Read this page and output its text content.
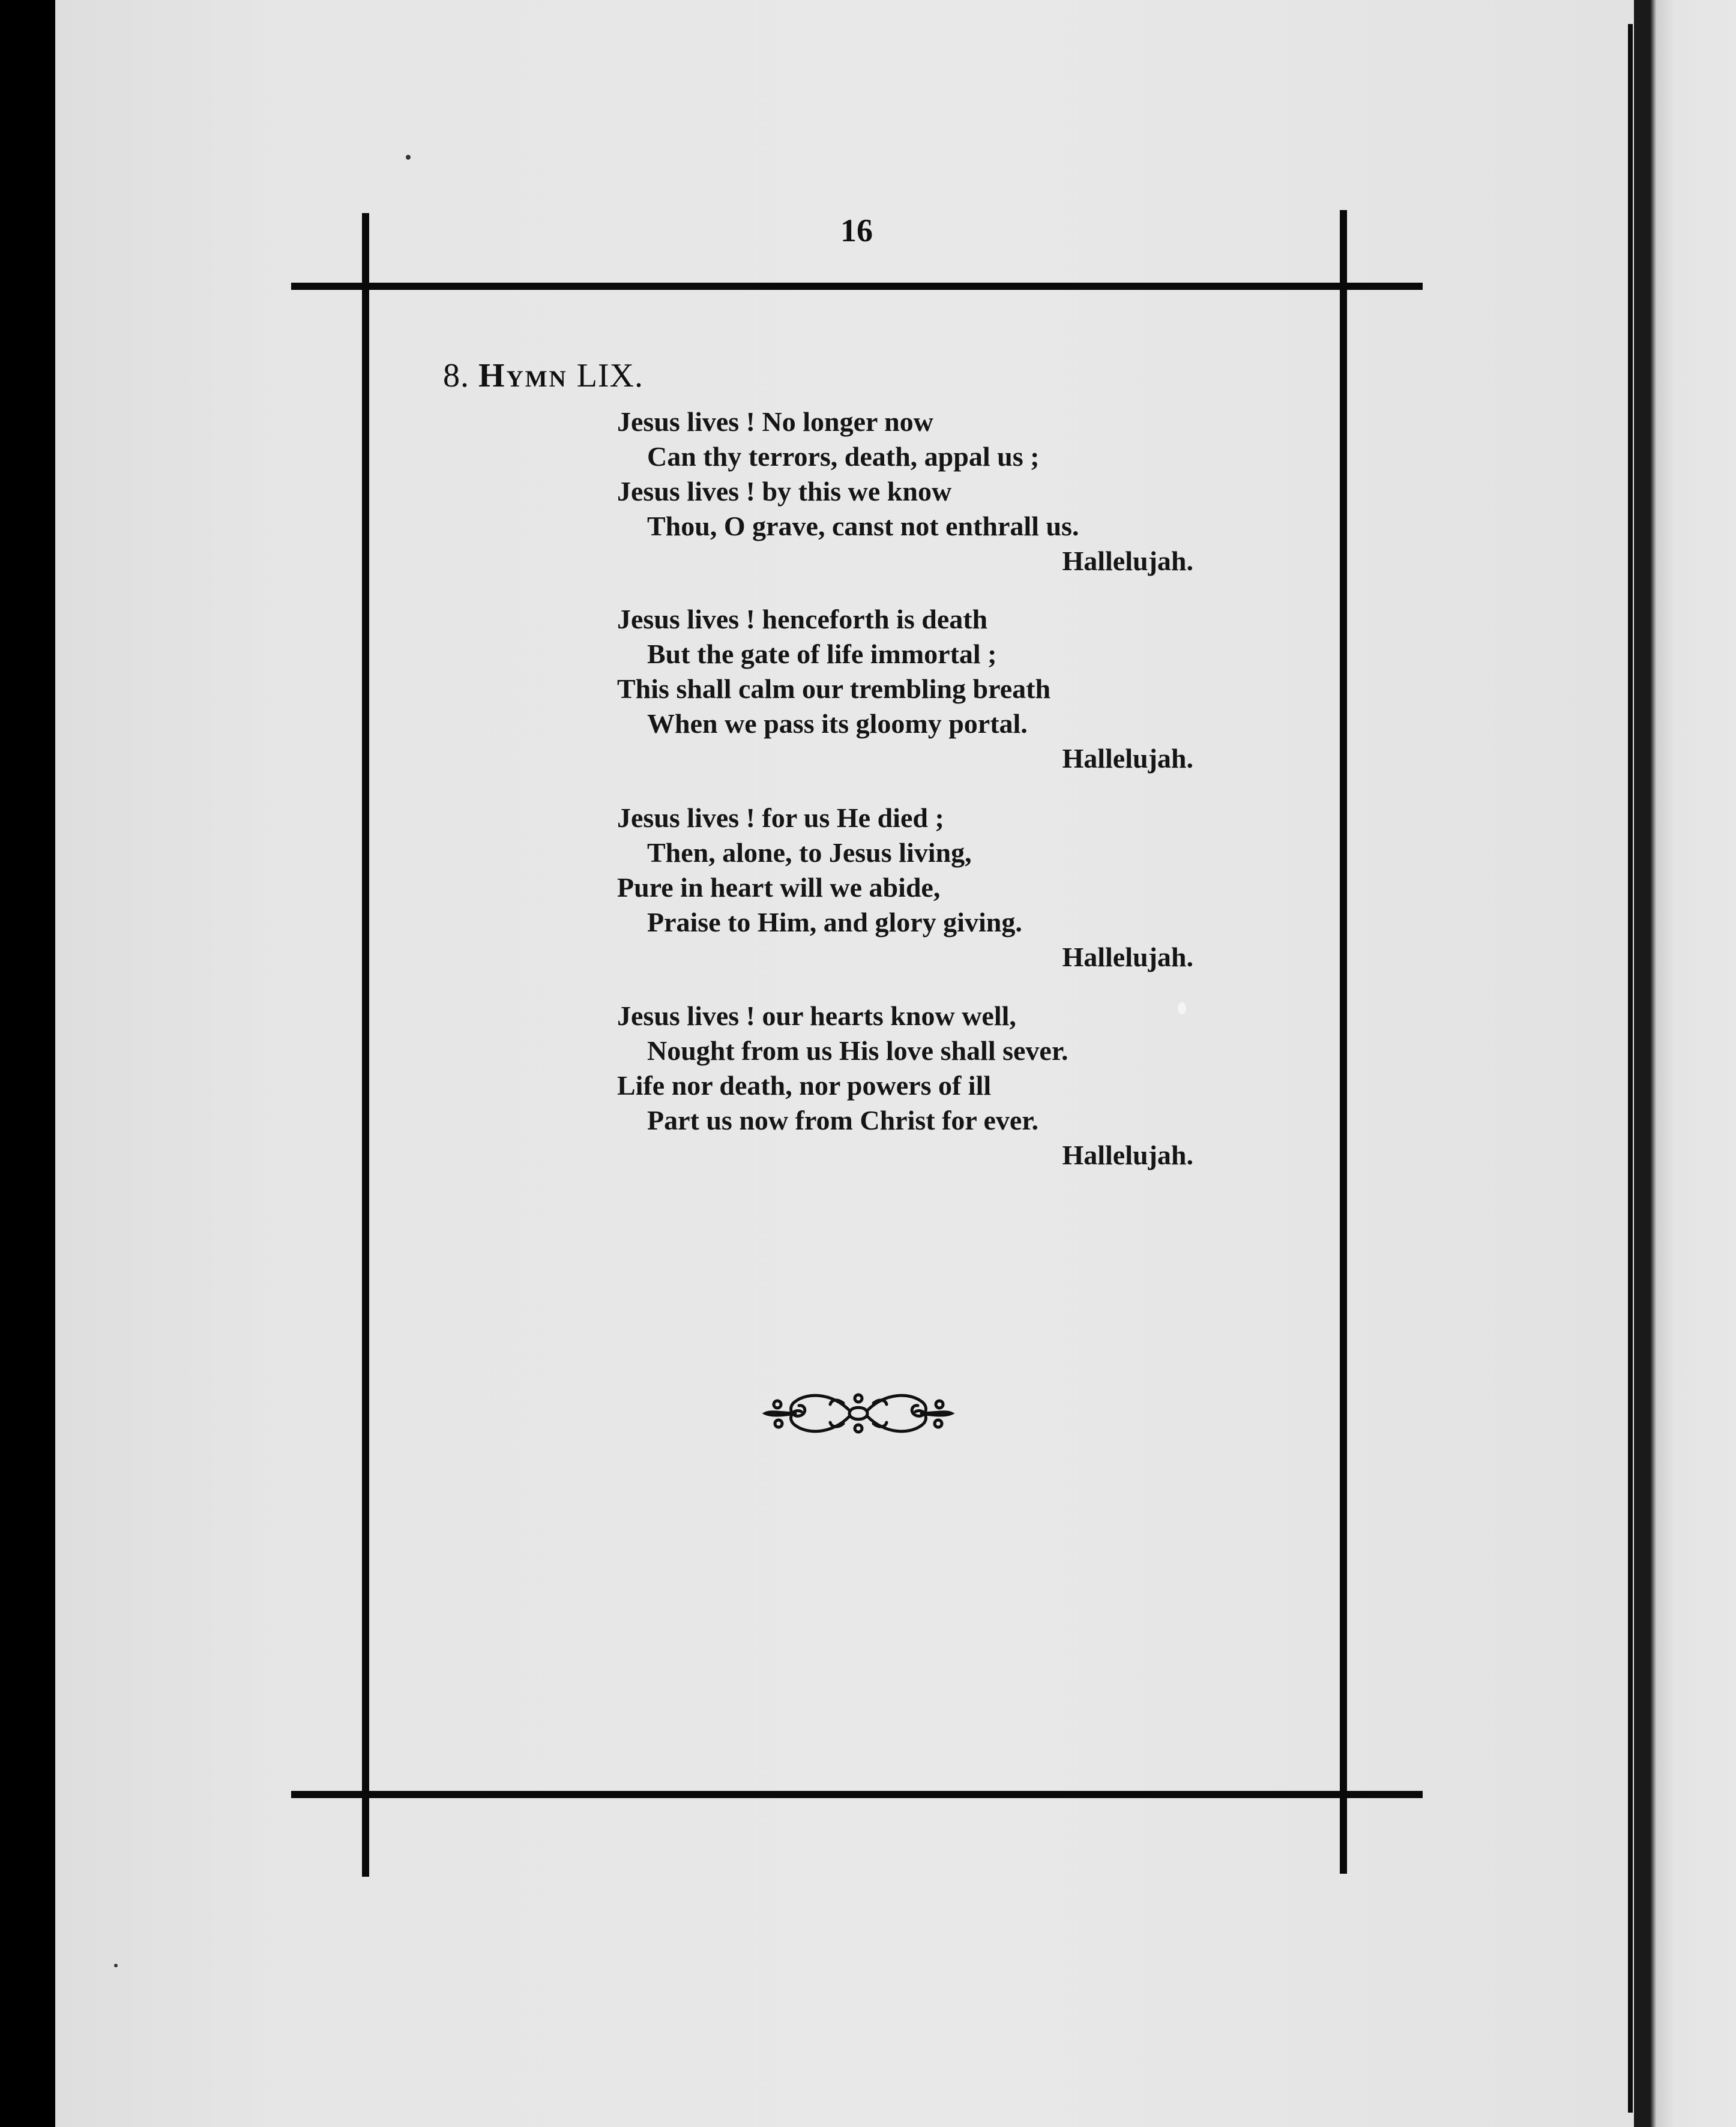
16

8. Hymn LIX.

Jesus lives ! No longer now
Can thy terrors, death, appal us ;
Jesus lives ! by this we know
Thou, O grave, canst not enthrall us.
Hallelujah.
Jesus lives ! henceforth is death
But the gate of life immortal ;
This shall calm our trembling breath
When we pass its gloomy portal.
Hallelujah.
Jesus lives ! for us He died ;
Then, alone, to Jesus living,
Pure in heart will we abide,
Praise to Him, and glory giving.
Hallelujah.
Jesus lives ! our hearts know well,
Nought from us His love shall sever.
Life nor death, nor powers of ill
Part us now from Christ for ever.
Hallelujah.
